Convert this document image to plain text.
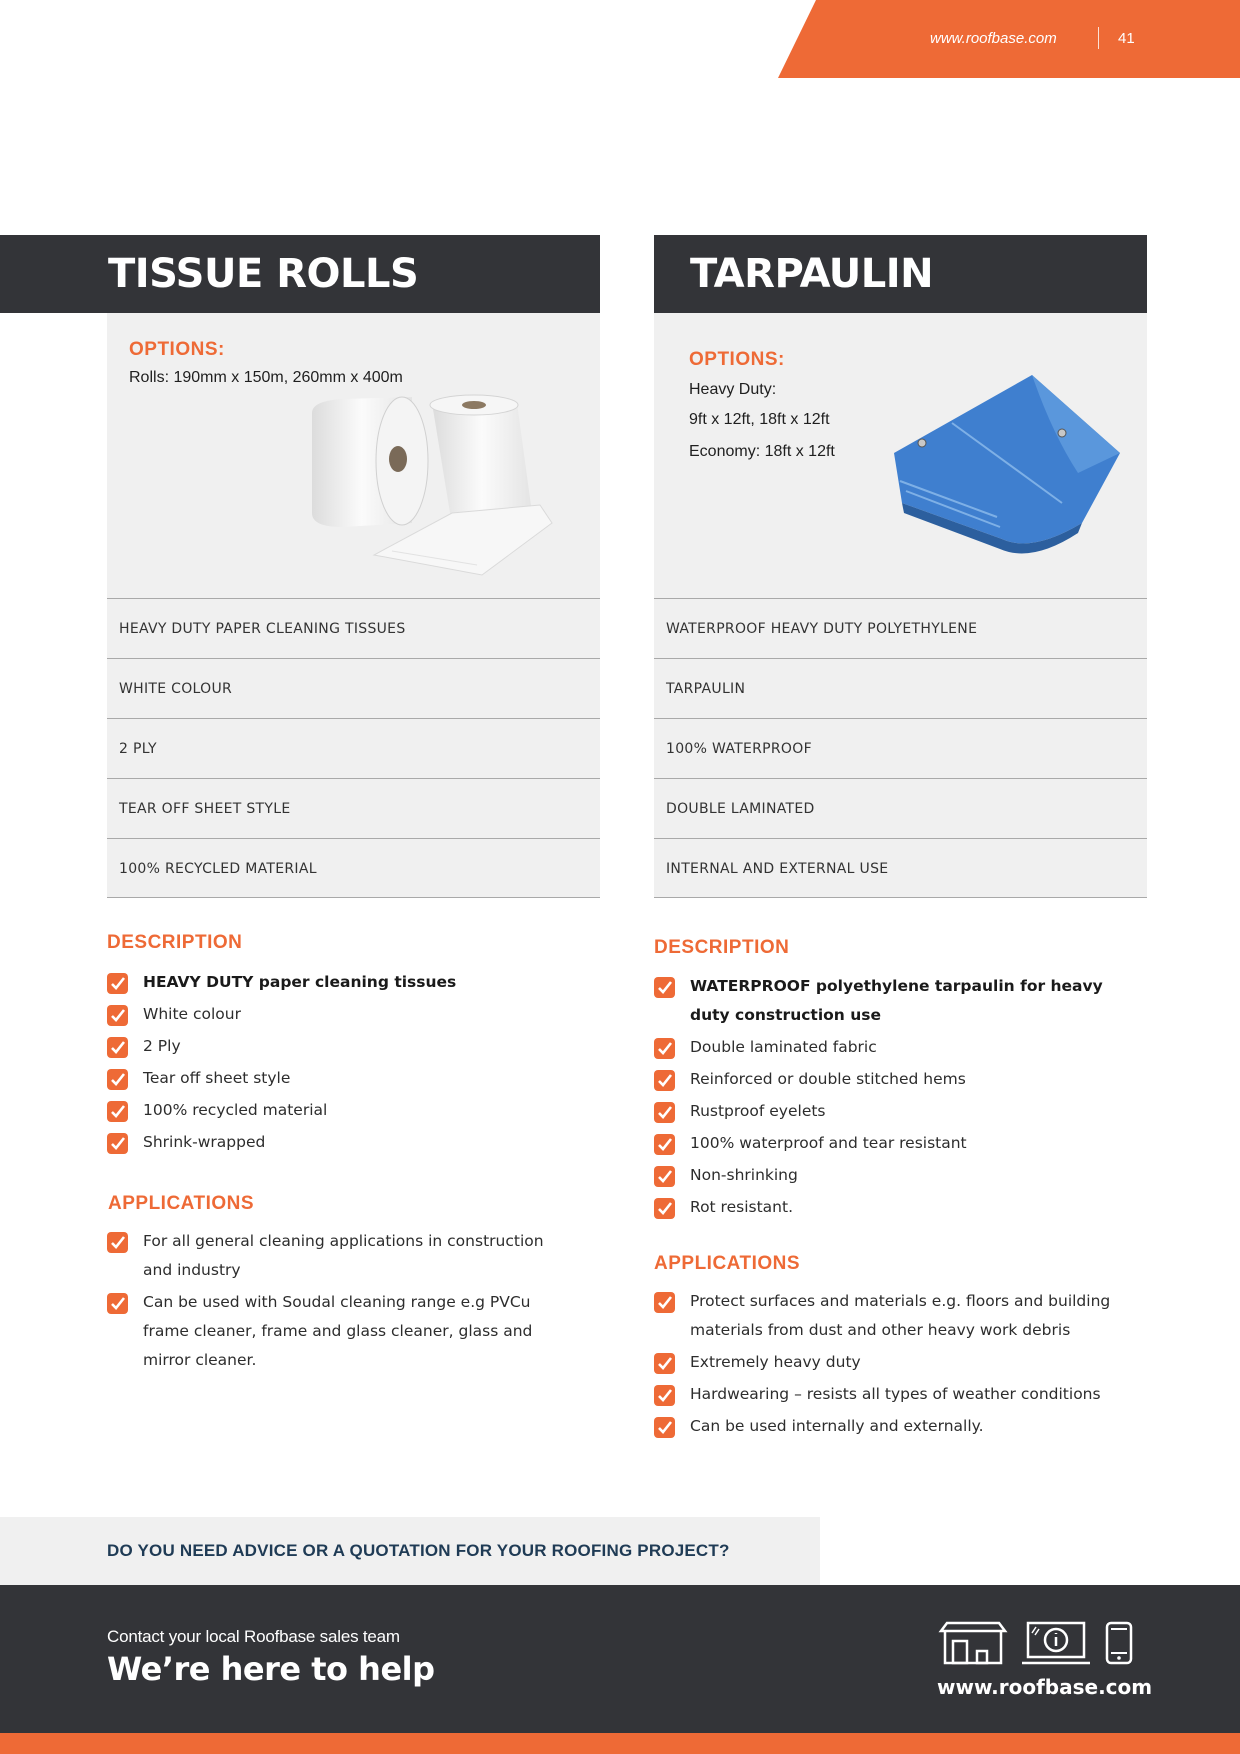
www.roofbase.com	41
TISSUE ROLLS
OPTIONS:
Rolls: 190mm x 150m, 260mm x 400m
HEAVY DUTY PAPER CLEANING TISSUES
WHITE COLOUR
2 PLY
TEAR OFF SHEET STYLE
100% RECYCLED MATERIAL
TARPAULIN
OPTIONS:
Heavy Duty:
9ft x 12ft, 18ft x 12ft
Economy: 18ft x 12ft
WATERPROOF HEAVY DUTY POLYETHYLENE
TARPAULIN
100% WATERPROOF
DOUBLE LAMINATED
INTERNAL AND EXTERNAL USE
DESCRIPTION
HEAVY DUTY paper cleaning tissues
White colour
2 Ply
Tear off sheet style
100% recycled material
Shrink-wrapped
APPLICATIONS
For all general cleaning applications in construction and industry
Can be used with Soudal cleaning range e.g PVCu frame cleaner, frame and glass cleaner, glass and mirror cleaner.
DESCRIPTION
WATERPROOF polyethylene tarpaulin for heavy duty construction use
Double laminated fabric
Reinforced or double stitched hems
Rustproof eyelets
100% waterproof and tear resistant
Non-shrinking
Rot resistant.
APPLICATIONS
Protect surfaces and materials e.g. floors and building materials from dust and other heavy work debris
Extremely heavy duty
Hardwearing – resists all types of weather conditions
Can be used internally and externally.
DO YOU NEED ADVICE OR A QUOTATION FOR YOUR ROOFING PROJECT?
Contact your local Roofbase sales team
We’re here to help	www.roofbase.com
